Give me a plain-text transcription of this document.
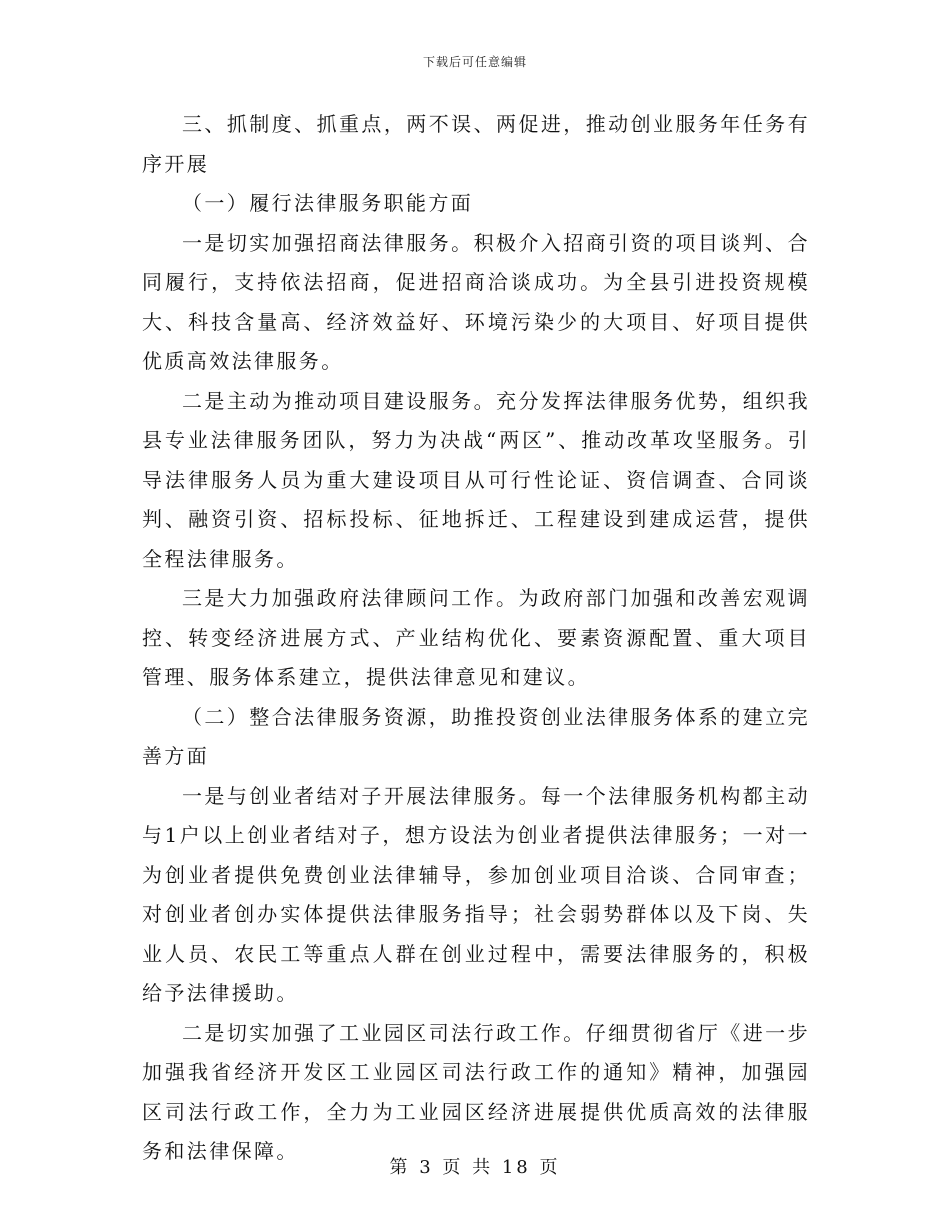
下载后可任意编辑

三、抓制度、抓重点，两不误、两促进，推动创业服务年任务有序开展

（一）履行法律服务职能方面

一是切实加强招商法律服务。积极介入招商引资的项目谈判、合同履行，支持依法招商，促进招商洽谈成功。为全县引进投资规模大、科技含量高、经济效益好、环境污染少的大项目、好项目提供优质高效法律服务。

二是主动为推动项目建设服务。充分发挥法律服务优势，组织我县专业法律服务团队，努力为决战“两区”、推动改革攻坚服务。引导法律服务人员为重大建设项目从可行性论证、资信调查、合同谈判、融资引资、招标投标、征地拆迁、工程建设到建成运营，提供全程法律服务。

三是大力加强政府法律顾问工作。为政府部门加强和改善宏观调控、转变经济进展方式、产业结构优化、要素资源配置、重大项目管理、服务体系建立，提供法律意见和建议。

（二）整合法律服务资源，助推投资创业法律服务体系的建立完善方面

一是与创业者结对子开展法律服务。每一个法律服务机构都主动与1户以上创业者结对子，想方设法为创业者提供法律服务；一对一为创业者提供免费创业法律辅导，参加创业项目洽谈、合同审查；对创业者创办实体提供法律服务指导；社会弱势群体以及下岗、失业人员、农民工等重点人群在创业过程中，需要法律服务的，积极给予法律援助。

二是切实加强了工业园区司法行政工作。仔细贯彻省厅《进一步加强我省经济开发区工业园区司法行政工作的通知》精神，加强园区司法行政工作，全力为工业园区经济进展提供优质高效的法律服务和法律保障。

第 3 页 共 18 页
